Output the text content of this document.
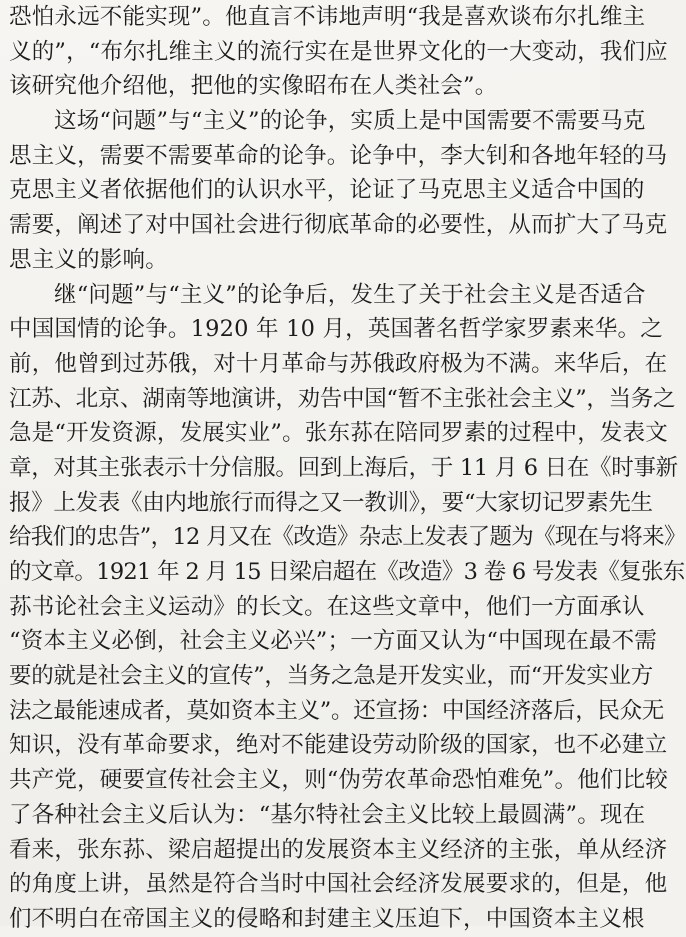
恐怕永远不能实现”。他直言不讳地声明“我是喜欢谈布尔扎维主
义的”，“布尔扎维主义的流行实在是世界文化的一大变动，我们应
该研究他介绍他，把他的实像昭布在人类社会”。
这场“问题”与“主义”的论争，实质上是中国需要不需要马克
思主义，需要不需要革命的论争。论争中，李大钊和各地年轻的马
克思主义者依据他们的认识水平，论证了马克思主义适合中国的
需要，阐述了对中国社会进行彻底革命的必要性，从而扩大了马克
思主义的影响。
继“问题”与“主义”的论争后，发生了关于社会主义是否适合
中国国情的论争。1920 年 10 月，英国著名哲学家罗素来华。之
前，他曾到过苏俄，对十月革命与苏俄政府极为不满。来华后，在
江苏、北京、湖南等地演讲，劝告中国“暂不主张社会主义”，当务之
急是“开发资源，发展实业”。张东荪在陪同罗素的过程中，发表文
章，对其主张表示十分信服。回到上海后，于 11 月 6 日在《时事新
报》上发表《由内地旅行而得之又一教训》，要“大家切记罗素先生
给我们的忠告”，12 月又在《改造》杂志上发表了题为《现在与将来》
的文章。1921 年 2 月 15 日梁启超在《改造》3 卷 6 号发表《复张东
荪书论社会主义运动》的长文。在这些文章中，他们一方面承认
“资本主义必倒，社会主义必兴”；一方面又认为“中国现在最不需
要的就是社会主义的宣传”，当务之急是开发实业，而“开发实业方
法之最能速成者，莫如资本主义”。还宣扬：中国经济落后，民众无
知识，没有革命要求，绝对不能建设劳动阶级的国家，也不必建立
共产党，硬要宣传社会主义，则“伪劳农革命恐怕难免”。他们比较
了各种社会主义后认为：“基尔特社会主义比较上最圆满”。现在
看来，张东荪、梁启超提出的发展资本主义经济的主张，单从经济
的角度上讲，虽然是符合当时中国社会经济发展要求的，但是，他
们不明白在帝国主义的侵略和封建主义压迫下，中国资本主义根
